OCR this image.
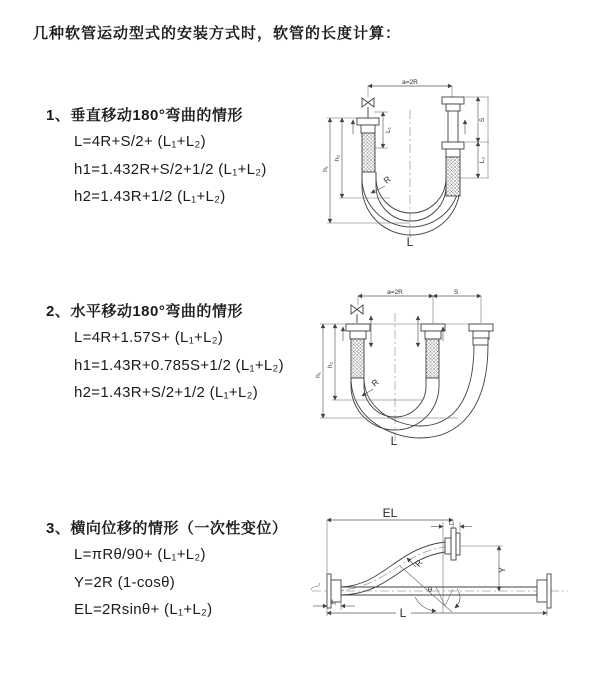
几种软管运动型式的安装方式时，软管的长度计算：
1、垂直移动180°弯曲的情形
L=4R+S/2+ (L₁+L₂)
h1=1.432R+S/2+1/2 (L₁+L₂)
h2=1.43R+1/2 (L₁+L₂)
2、水平移动180°弯曲的情形
L=4R+1.57S+ (L₁+L₂)
h1=1.43R+0.785S+1/2 (L₁+L₂)
h2=1.43R+S/2+1/2 (L₁+L₂)
3、横向位移的情形（一次性变位）
L=πRθ/90+ (L₁+L₂)
Y=2R (1-cosθ)
EL=2Rsinθ+ (L₁+L₂)
a=2R
L₁
h₁
h₂
S
L₂
R
L
a=2R	S
h₁
h₂
R
L
EL
L₁
Y
θ
R
L
L₁
